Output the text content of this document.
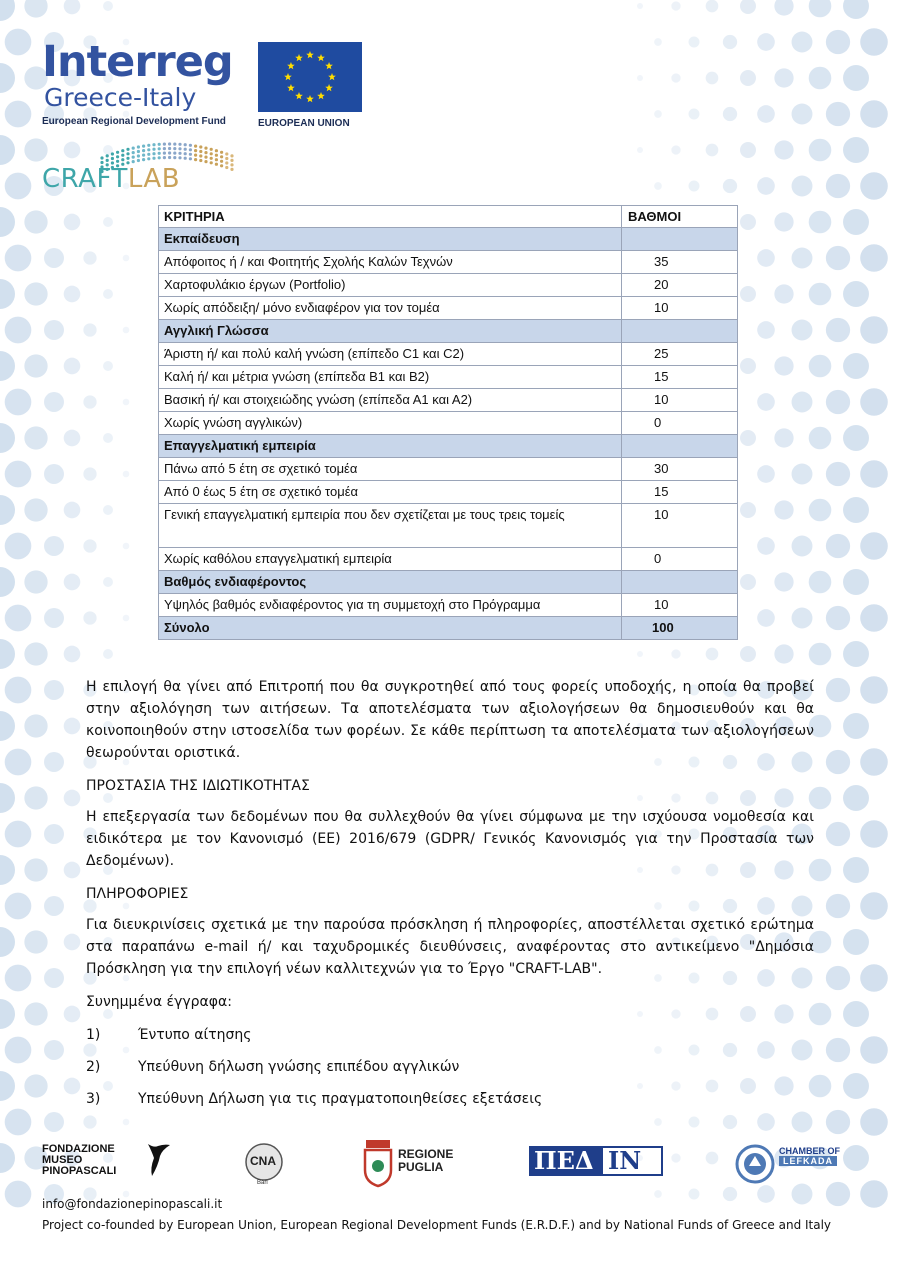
Interreg
Greece-Italy
European Regional Development Fund	EUROPEAN UNION
CRAFTLAB
ΚΡΙΤΗΡΙΑ	ΒΑΘΜΟΙ
Εκπαίδευση	
Απόφοιτος ή / και Φοιτητής Σχολής Καλών Τεχνών	35
Χαρτοφυλάκιο έργων (Portfolio)	20
Χωρίς απόδειξη/ μόνο ενδιαφέρον για τον τομέα	10
Αγγλική Γλώσσα	
Άριστη ή/ και πολύ καλή γνώση (επίπεδο C1 και C2)	25
Καλή ή/ και μέτρια γνώση (επίπεδα B1 και B2)	15
Βασική ή/ και στοιχειώδης γνώση (επίπεδα Α1 και Α2)	10
Χωρίς γνώση αγγλικών)	0
Επαγγελματική εμπειρία	
Πάνω από 5 έτη σε σχετικό τομέα	30
Από 0 έως 5 έτη σε σχετικό τομέα	15
Γενική επαγγελματική εμπειρία που δεν σχετίζεται με τους τρεις τομείς	10
Χωρίς καθόλου επαγγελματική εμπειρία	0
Βαθμός ενδιαφέροντος	
Υψηλός βαθμός ενδιαφέροντος για τη συμμετοχή στο Πρόγραμμα	10
Σύνολο	100

Η επιλογή θα γίνει από Επιτροπή που θα συγκροτηθεί από τους φορείς υποδοχής, η οποία θα προβεί στην αξιολόγηση των αιτήσεων. Τα αποτελέσματα των αξιολογήσεων θα δημοσιευθούν και θα κοινοποιηθούν στην ιστοσελίδα των φορέων. Σε κάθε περίπτωση τα αποτελέσματα των αξιολογήσεων θεωρούνται οριστικά.

ΠΡΟΣΤΑΣΙΑ ΤΗΣ ΙΔΙΩΤΙΚΟΤΗΤΑΣ

Η επεξεργασία των δεδομένων που θα συλλεχθούν θα γίνει σύμφωνα με την ισχύουσα νομοθεσία και ειδικότερα με τον Κανονισμό (ΕΕ) 2016/679 (GDPR/ Γενικός Κανονισμός για την Προστασία των Δεδομένων).

ΠΛΗΡΟΦΟΡΙΕΣ

Για διευκρινίσεις σχετικά με την παρούσα πρόσκληση ή πληροφορίες, αποστέλλεται σχετικό ερώτημα στα παραπάνω e-mail ή/ και ταχυδρομικές διευθύνσεις, αναφέροντας στο αντικείμενο "Δημόσια Πρόσκληση για την επιλογή νέων καλλιτεχνών για το Έργο "CRAFT-LAB".

Συνημμένα έγγραφα:

1)	Έντυπο αίτησης
2)	Υπεύθυνη δήλωση γνώσης επιπέδου αγγλικών
3)	Υπεύθυνη Δήλωση για τις πραγματοποιηθείσες εξετάσεις
FONDAZIONE
MUSEO
PINOPASCALI
CNA
Bari
REGIONE
PUGLIA	ΠΕΔ ΙΝ	CHAMBER OF
LEFKADA
info@fondazionepinopascali.it
Project co-founded by European Union, European Regional Development Funds (E.R.D.F.) and by National Funds of Greece and Italy
